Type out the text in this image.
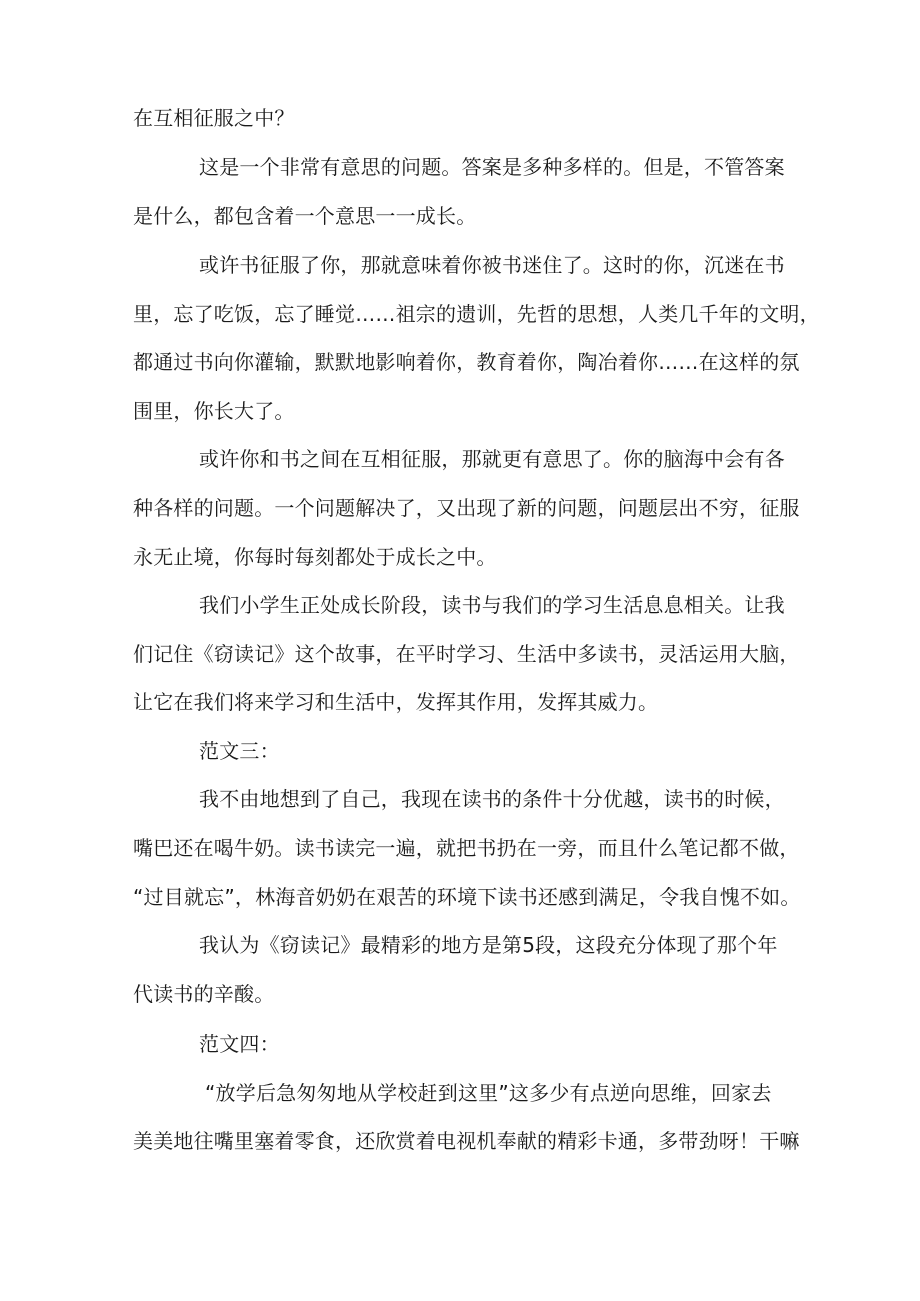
在互相征服之中？
这是一个非常有意思的问题。答案是多种多样的。但是，不管答案
是什么，都包含着一个意思一一成长。
或许书征服了你，那就意味着你被书迷住了。这时的你，沉迷在书
里，忘了吃饭，忘了睡觉……祖宗的遗训，先哲的思想，人类几千年的文明，
都通过书向你灌输，默默地影响着你，教育着你，陶冶着你……在这样的氛
围里，你长大了。
或许你和书之间在互相征服，那就更有意思了。你的脑海中会有各
种各样的问题。一个问题解决了，又出现了新的问题，问题层出不穷，征服
永无止境，你每时每刻都处于成长之中。
我们小学生正处成长阶段，读书与我们的学习生活息息相关。让我
们记住《窃读记》这个故事，在平时学习、生活中多读书，灵活运用大脑，
让它在我们将来学习和生活中，发挥其作用，发挥其威力。
范文三：
我不由地想到了自己，我现在读书的条件十分优越，读书的时候，
嘴巴还在喝牛奶。读书读完一遍，就把书扔在一旁，而且什么笔记都不做，
“过目就忘”，林海音奶奶在艰苦的环境下读书还感到满足，令我自愧不如。
我认为《窃读记》最精彩的地方是第5段，这段充分体现了那个年
代读书的辛酸。
范文四：
“放学后急匆匆地从学校赶到这里”这多少有点逆向思维，回家去
美美地往嘴里塞着零食，还欣赏着电视机奉献的精彩卡通，多带劲呀！干嘛
